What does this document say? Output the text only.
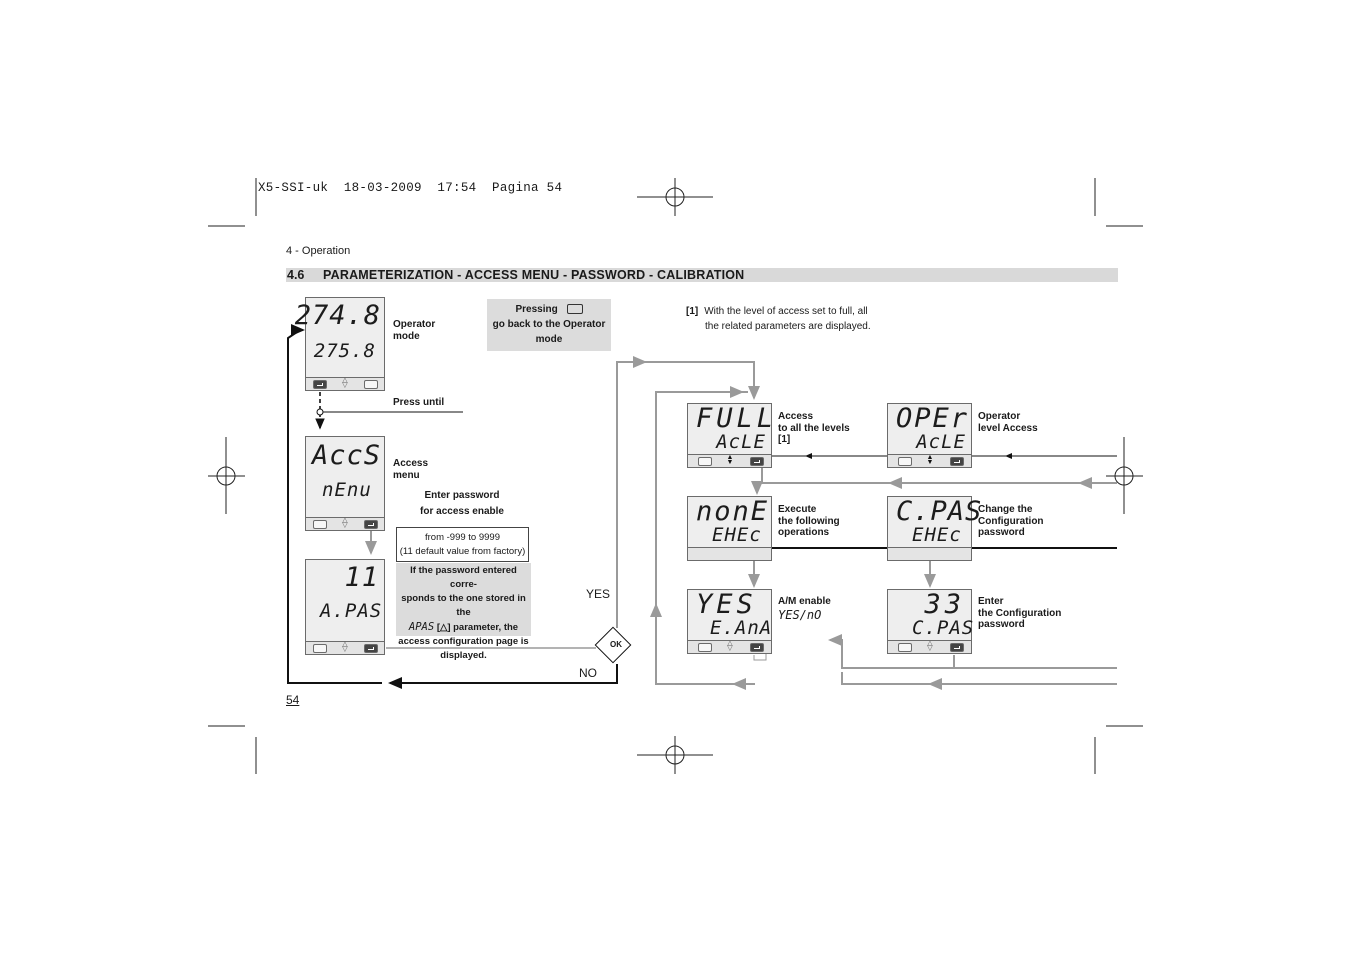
X5-SSI-uk  18-03-2009  17:54  Pagina 54
4 - Operation
4.6 PARAMETERIZATION - ACCESS MENU - PASSWORD - CALIBRATION
54
274.8
275.8
△
▽
Operator
mode
Press until
Pressing
go back to the Operator
mode
AccS
nEnu
△
▽
Access
menu
Enter password
for access enable
11
A.PAS
△
▽
from -999 to 9999
(11 default value from factory)
If the password entered corre-
sponds to the one stored in the
APAS [△] parameter, the
access configuration page is
displayed.
OK
YES
NO
[1] With the level of access set to full, all
the related parameters are displayed.
FULL
AcLE
▲
▼
Access
to all the levels
[1]
OPEr
AcLE
▲
▼
Operator
level Access
nonE
EHEc
Execute
the following
operations
C.PAS
EHEc
Change the
Configuration
password
YES
E.AnA
△
▽
A/M enable
YES/nO	33
C.PAS
△
▽
Enter
the Configuration
password
